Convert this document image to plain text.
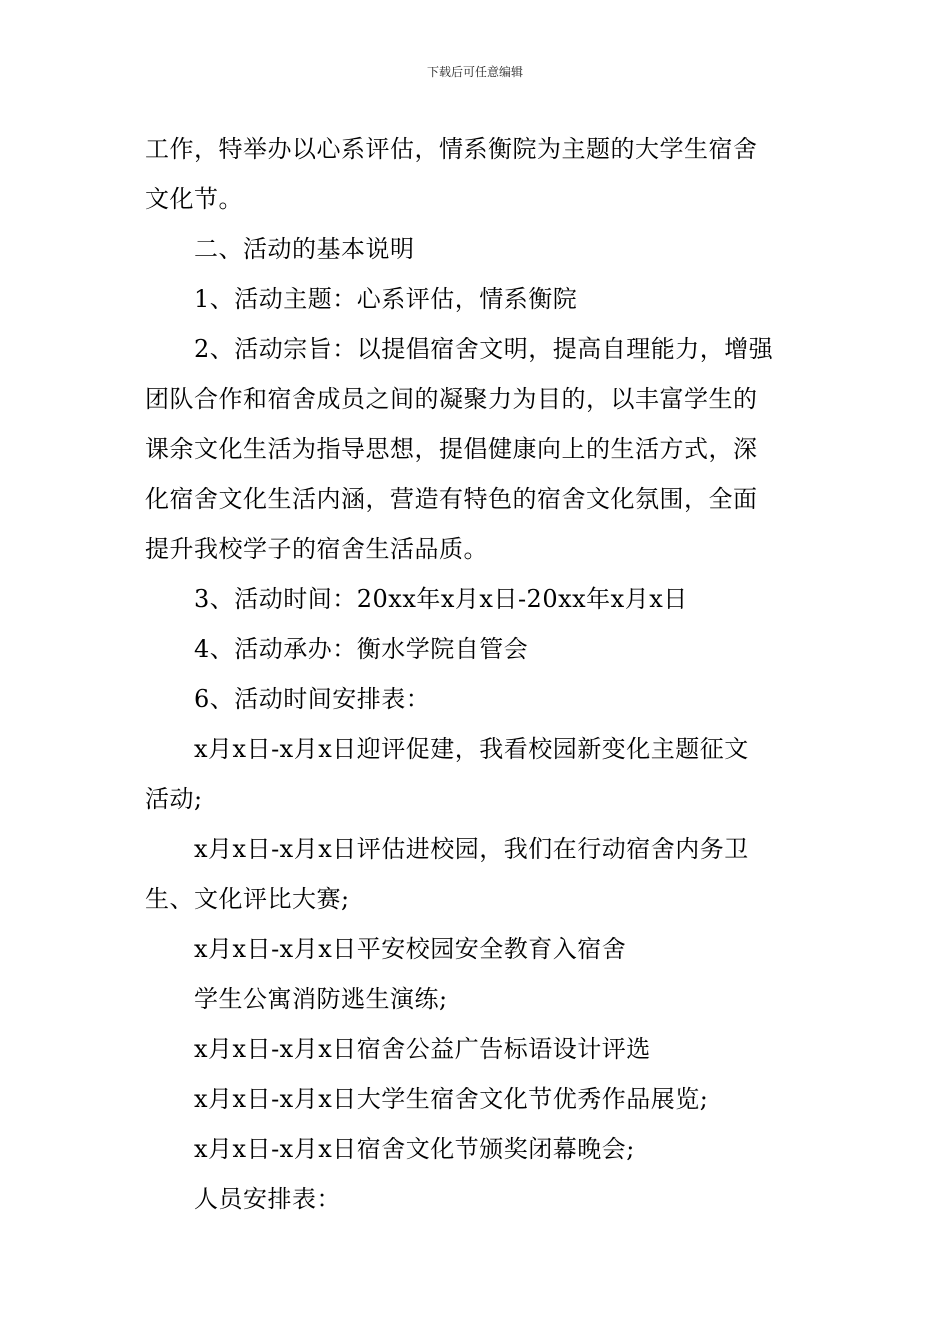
下载后可任意编辑
工作，特举办以心系评估，情系衡院为主题的大学生宿舍
文化节。
二、活动的基本说明
1、活动主题：心系评估，情系衡院
2、活动宗旨：以提倡宿舍文明，提高自理能力，增强
团队合作和宿舍成员之间的凝聚力为目的，以丰富学生的
课余文化生活为指导思想，提倡健康向上的生活方式，深
化宿舍文化生活内涵，营造有特色的宿舍文化氛围，全面
提升我校学子的宿舍生活品质。
3、活动时间：20xx年x月x日-20xx年x月x日
4、活动承办：衡水学院自管会
6、活动时间安排表：
x月x日-x月x日迎评促建，我看校园新变化主题征文
活动;
x月x日-x月x日评估进校园，我们在行动宿舍内务卫
生、文化评比大赛;
x月x日-x月x日平安校园安全教育入宿舍
学生公寓消防逃生演练;
x月x日-x月x日宿舍公益广告标语设计评选
x月x日-x月x日大学生宿舍文化节优秀作品展览;
x月x日-x月x日宿舍文化节颁奖闭幕晚会;
人员安排表：
